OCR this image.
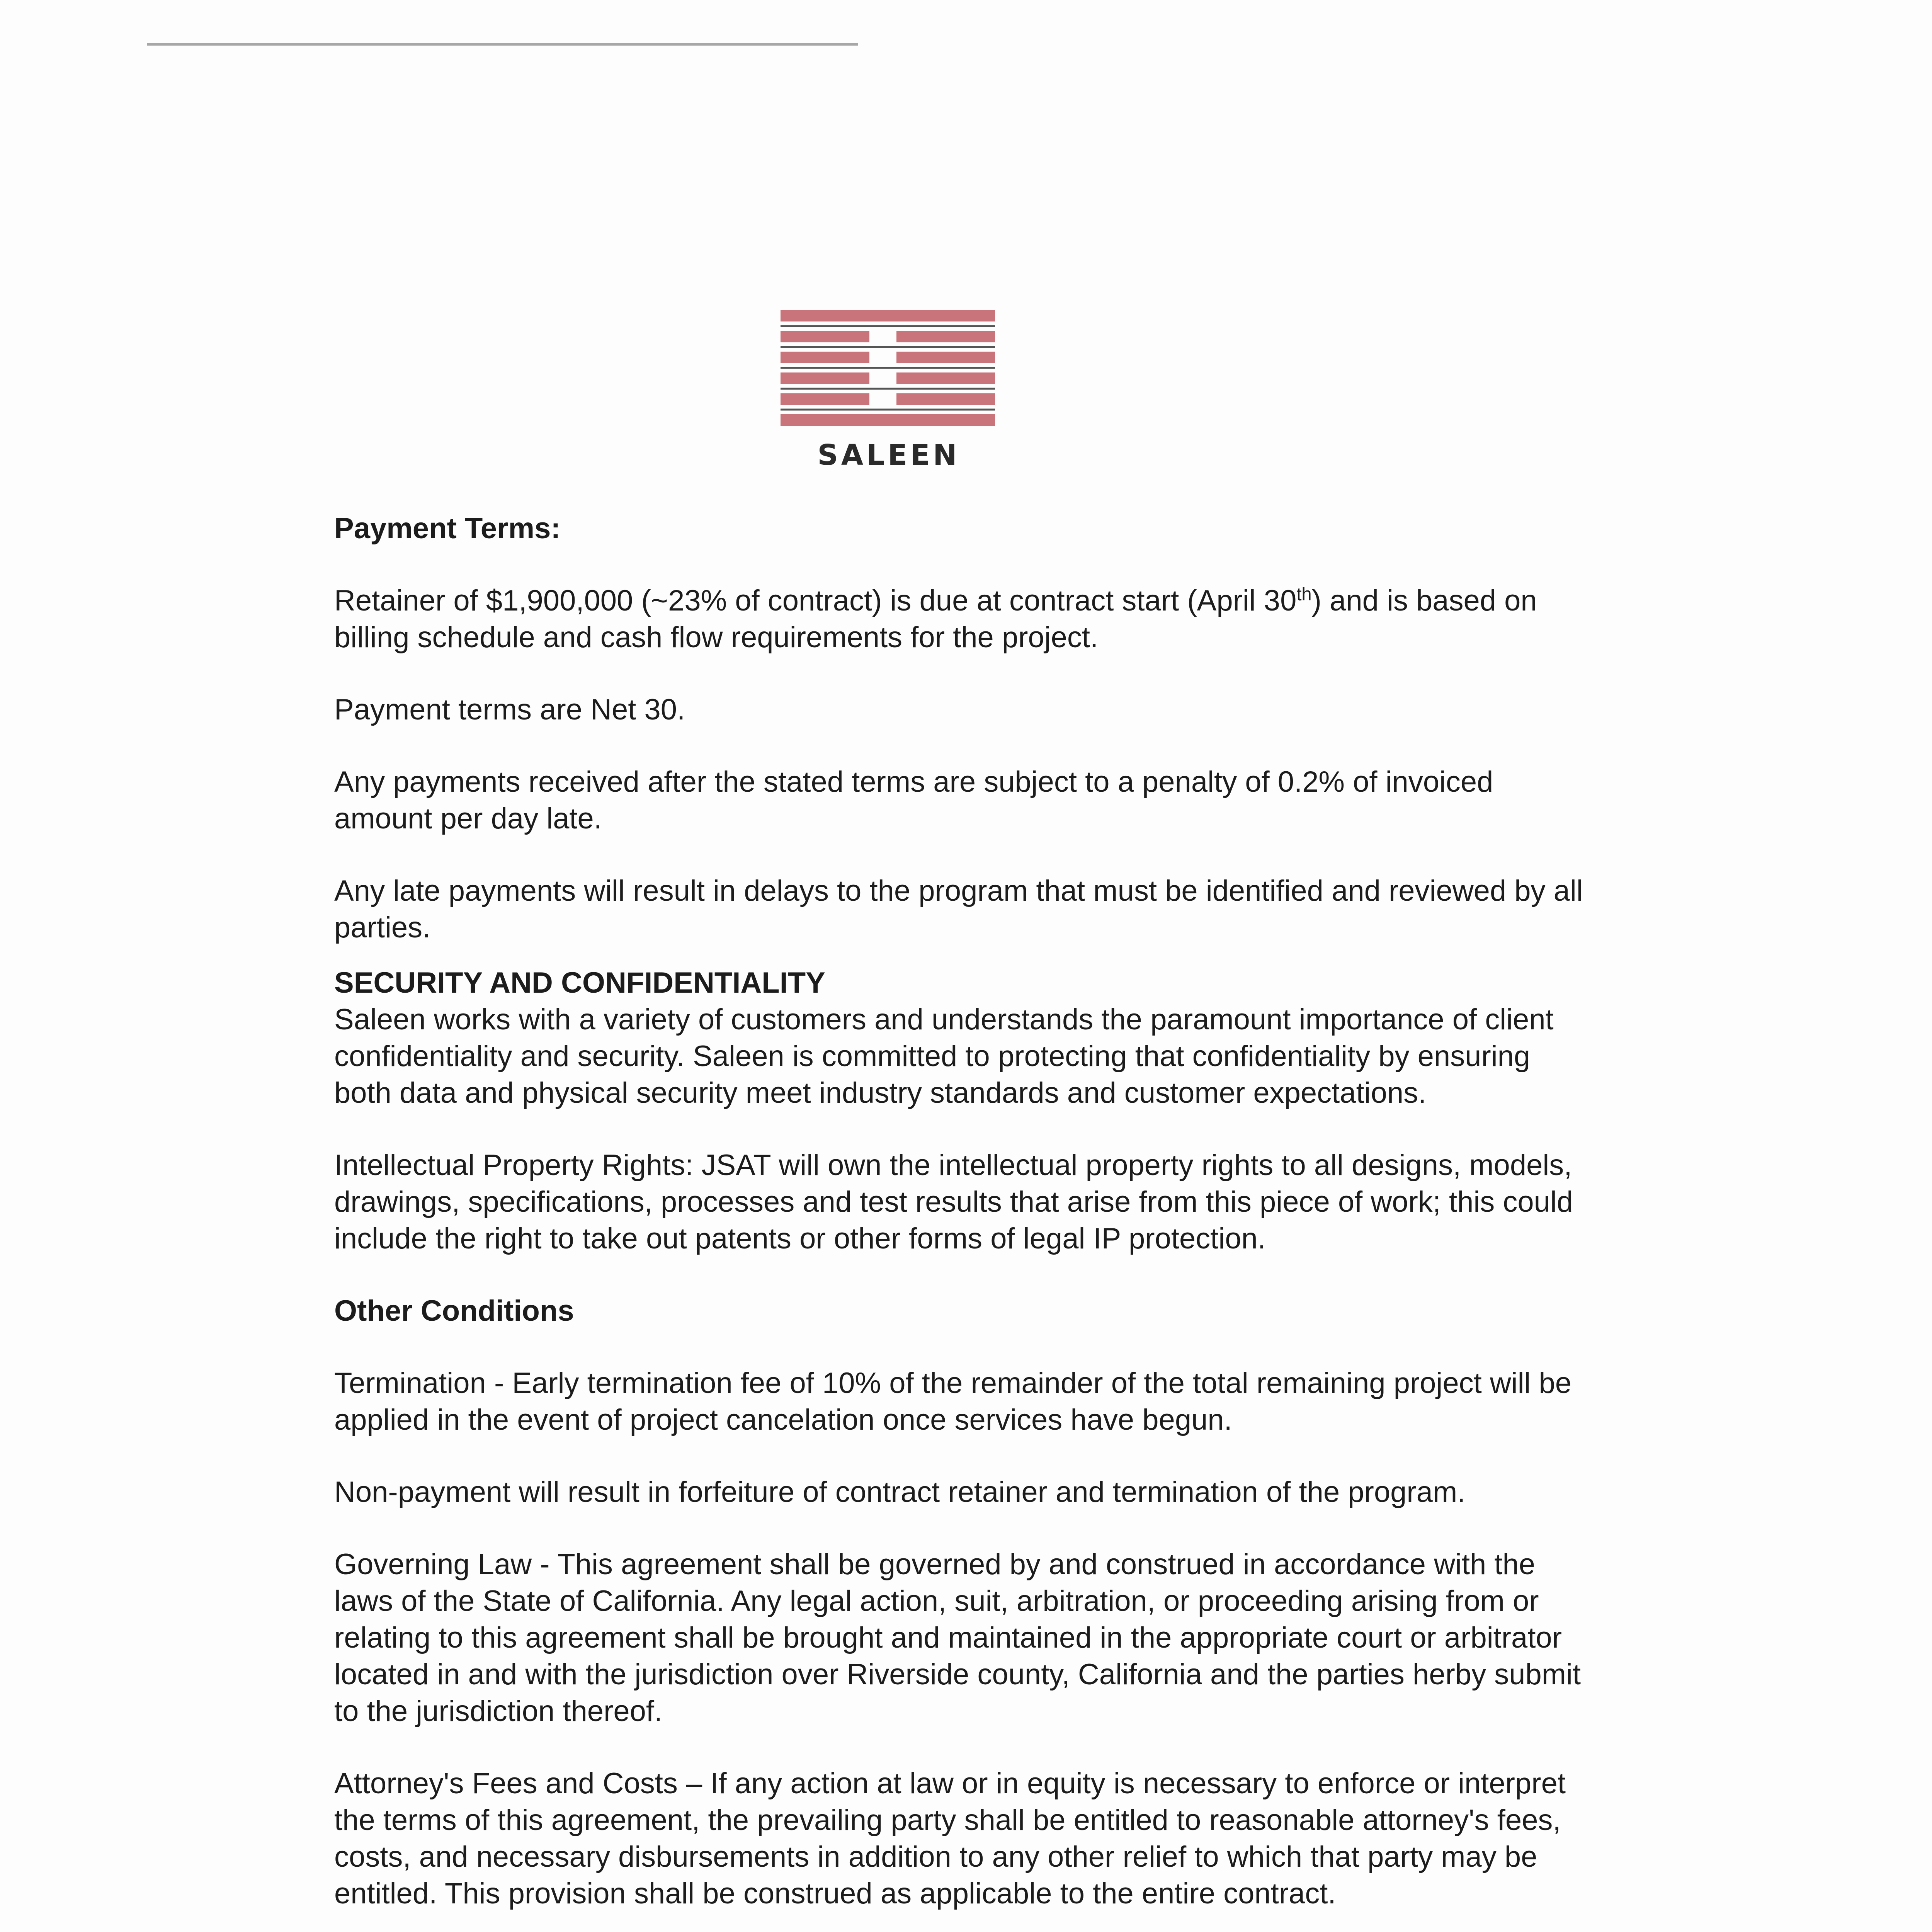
SALEEN

Payment Terms:

Retainer of $1,900,000 (~23% of contract) is due at contract start (April 30th) and is based on billing schedule and cash flow requirements for the project.

Payment terms are Net 30.

Any payments received after the stated terms are subject to a penalty of 0.2% of invoiced amount per day late.

Any late payments will result in delays to the program that must be identified and reviewed by all parties.

SECURITY AND CONFIDENTIALITY

Saleen works with a variety of customers and understands the paramount importance of client confidentiality and security. Saleen is committed to protecting that confidentiality by ensuring both data and physical security meet industry standards and customer expectations.

Intellectual Property Rights: JSAT will own the intellectual property rights to all designs, models, drawings, specifications, processes and test results that arise from this piece of work; this could include the right to take out patents or other forms of legal IP protection.

Other Conditions

Termination - Early termination fee of 10% of the remainder of the total remaining project will be applied in the event of project cancelation once services have begun.

Non-payment will result in forfeiture of contract retainer and termination of the program.

Governing Law - This agreement shall be governed by and construed in accordance with the laws of the State of California. Any legal action, suit, arbitration, or proceeding arising from or relating to this agreement shall be brought and maintained in the appropriate court or arbitrator located in and with the jurisdiction over Riverside county, California and the parties herby submit to the jurisdiction thereof.

Attorney's Fees and Costs – If any action at law or in equity is necessary to enforce or interpret the terms of this agreement, the prevailing party shall be entitled to reasonable attorney's fees, costs, and necessary disbursements in addition to any other relief to which that party may be entitled. This provision shall be construed as applicable to the entire contract.
